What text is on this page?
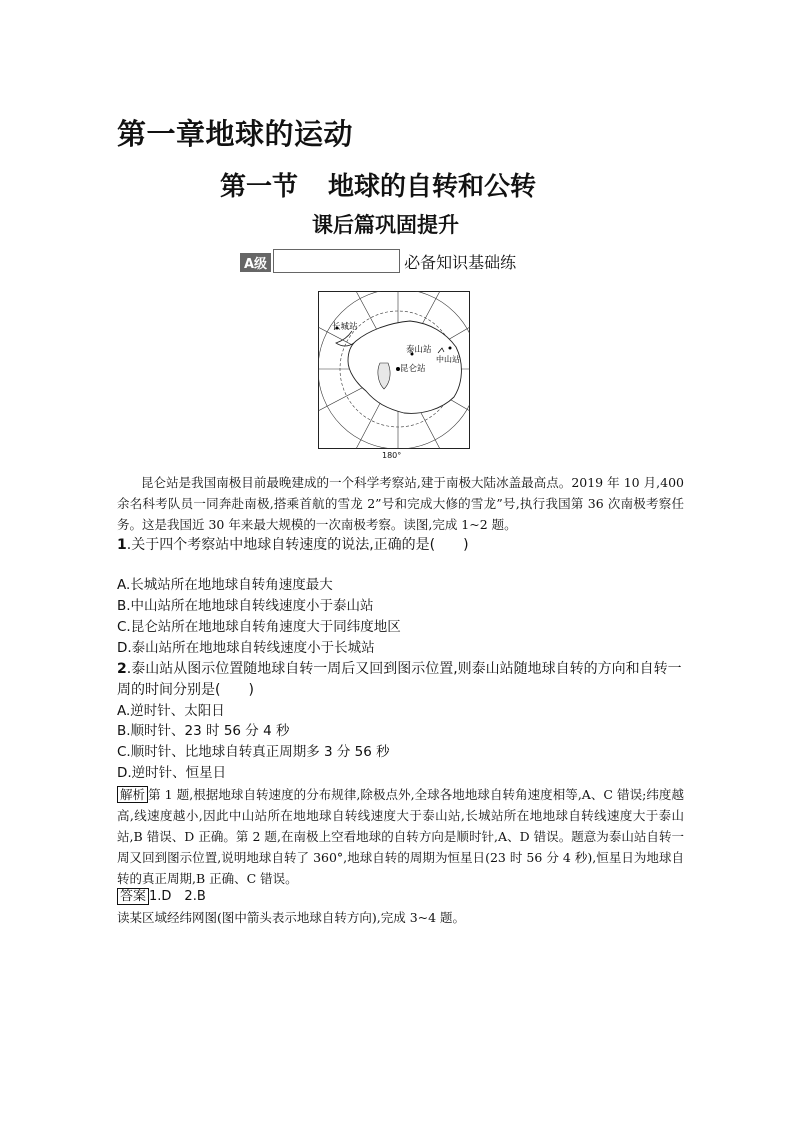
第一章地球的运动
第一节 地球的自转和公转
课后篇巩固提升
A级	必备知识基础练
长城站
泰山站
中山站
昆仑站
180°
昆仑站是我国南极目前最晚建成的一个科学考察站,建于南极大陆冰盖最高点。2019 年 10 月,400 余名科考队员一同奔赴南极,搭乘首航的雪龙 2”号和完成大修的雪龙”号,执行我国第 36 次南极考察任务。这是我国近 30 年来最大规模的一次南极考察。读图,完成 1~2 题。
1.关于四个考察站中地球自转速度的说法,正确的是(　　)
A.长城站所在地地球自转角速度最大
B.中山站所在地地球自转线速度小于泰山站
C.昆仑站所在地地球自转角速度大于同纬度地区
D.泰山站所在地地球自转线速度小于长城站
2.泰山站从图示位置随地球自转一周后又回到图示位置,则泰山站随地球自转的方向和自转一
周的时间分别是(　　)
A.逆时针、太阳日
B.顺时针、23 时 56 分 4 秒
C.顺时针、比地球自转真正周期多 3 分 56 秒
D.逆时针、恒星日
解析 第 1 题,根据地球自转速度的分布规律,除极点外,全球各地地球自转角速度相等,A、C 错误;纬度越高,线速度越小,因此中山站所在地地球自转线速度大于泰山站,长城站所在地地球自转线速度大于泰山站,B 错误、D 正确。第 2 题,在南极上空看地球的自转方向是顺时针,A、D 错误。题意为泰山站自转一周又回到图示位置,说明地球自转了 360°,地球自转的周期为恒星日(23 时 56 分 4 秒),恒星日为地球自转的真正周期,B 正确、C 错误。
答案 1.D　2.B
读某区域经纬网图(图中箭头表示地球自转方向),完成 3~4 题。
